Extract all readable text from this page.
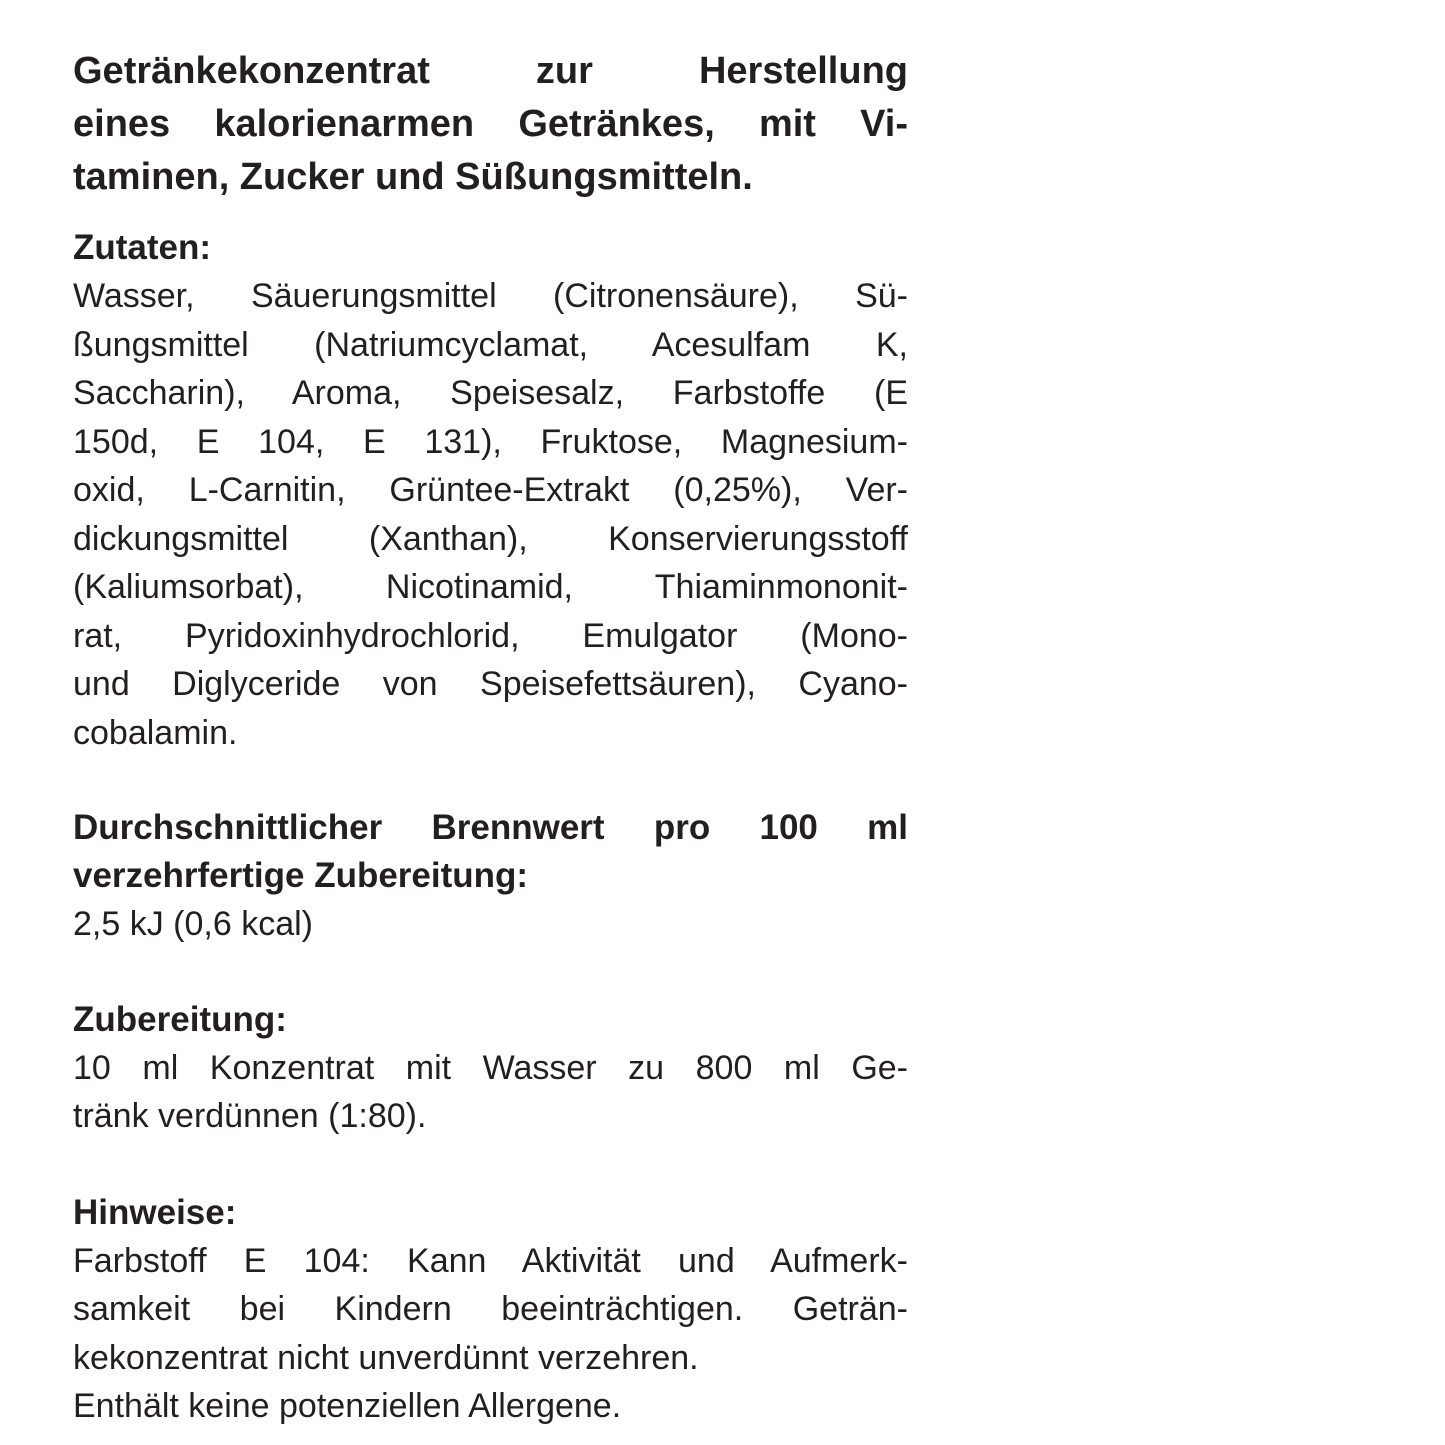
Getränkekonzentrat zur Herstellung
eines kalorienarmen Getränkes, mit Vi-
taminen, Zucker und Süßungsmitteln.
Zutaten:

Wasser, Säuerungsmittel (Citronensäure), Sü-
ßungsmittel (Natriumcyclamat, Acesulfam K,
Saccharin), Aroma, Speisesalz, Farbstoffe (E
150d, E 104, E 131), Fruktose, Magnesium-
oxid, L-Carnitin, Grüntee-Extrakt (0,25%), Ver-
dickungsmittel (Xanthan), Konservierungsstoff
(Kaliumsorbat), Nicotinamid, Thiaminmononit-
rat, Pyridoxinhydrochlorid, Emulgator (Mono-
und Diglyceride von Speisefettsäuren), Cyano-
cobalamin.

Durchschnittlicher Brennwert pro 100 ml
verzehrfertige Zubereitung:

2,5 kJ (0,6 kcal)

Zubereitung:

10 ml Konzentrat mit Wasser zu 800 ml Ge-
tränk verdünnen (1:80).

Hinweise:

Farbstoff E 104: Kann Aktivität und Aufmerk-
samkeit bei Kindern beeinträchtigen. Geträn-
kekonzentrat nicht unverdünnt verzehren.
Enthält keine potenziellen Allergene.
